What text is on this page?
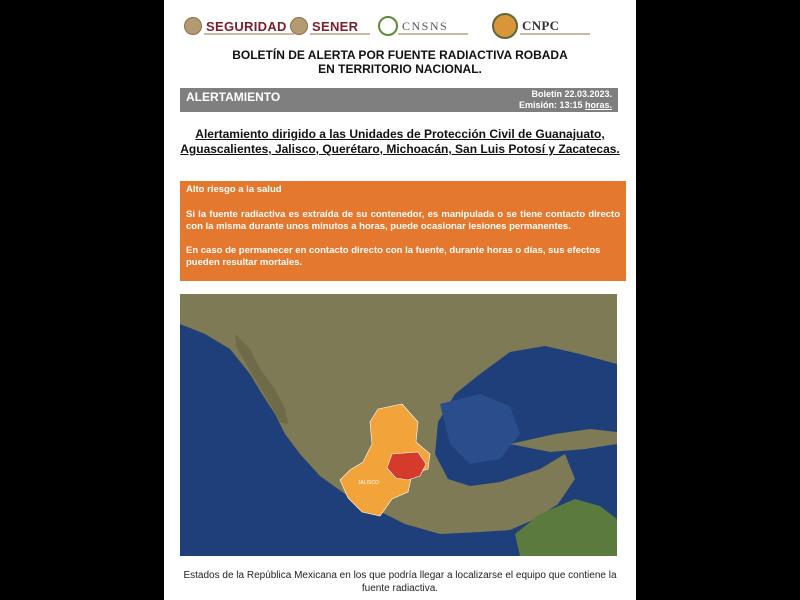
SEGURIDAD SENER	CNSNS	CNPC
BOLETÍN DE ALERTA POR FUENTE RADIACTIVA ROBADA
EN TERRITORIO NACIONAL.
ALERTAMIENTO	Boletín 22.03.2023.
Emisión: 13:15 horas.
Alertamiento dirigido a las Unidades de Protección Civil de Guanajuato, Aguascalientes, Jalisco, Querétaro, Michoacán, San Luis Potosí y Zacatecas.

Alto riesgo a la salud

Si la fuente radiactiva es extraída de su contenedor, es manipulada o se tiene contacto directo con la misma durante unos minutos a horas, puede ocasionar lesiones permanentes.

En caso de permanecer en contacto directo con la fuente, durante horas o días, sus efectos pueden resultar mortales.

JALISCO
Estados de la República Mexicana en los que podría llegar a localizarse el equipo que contiene la fuente radiactiva.
